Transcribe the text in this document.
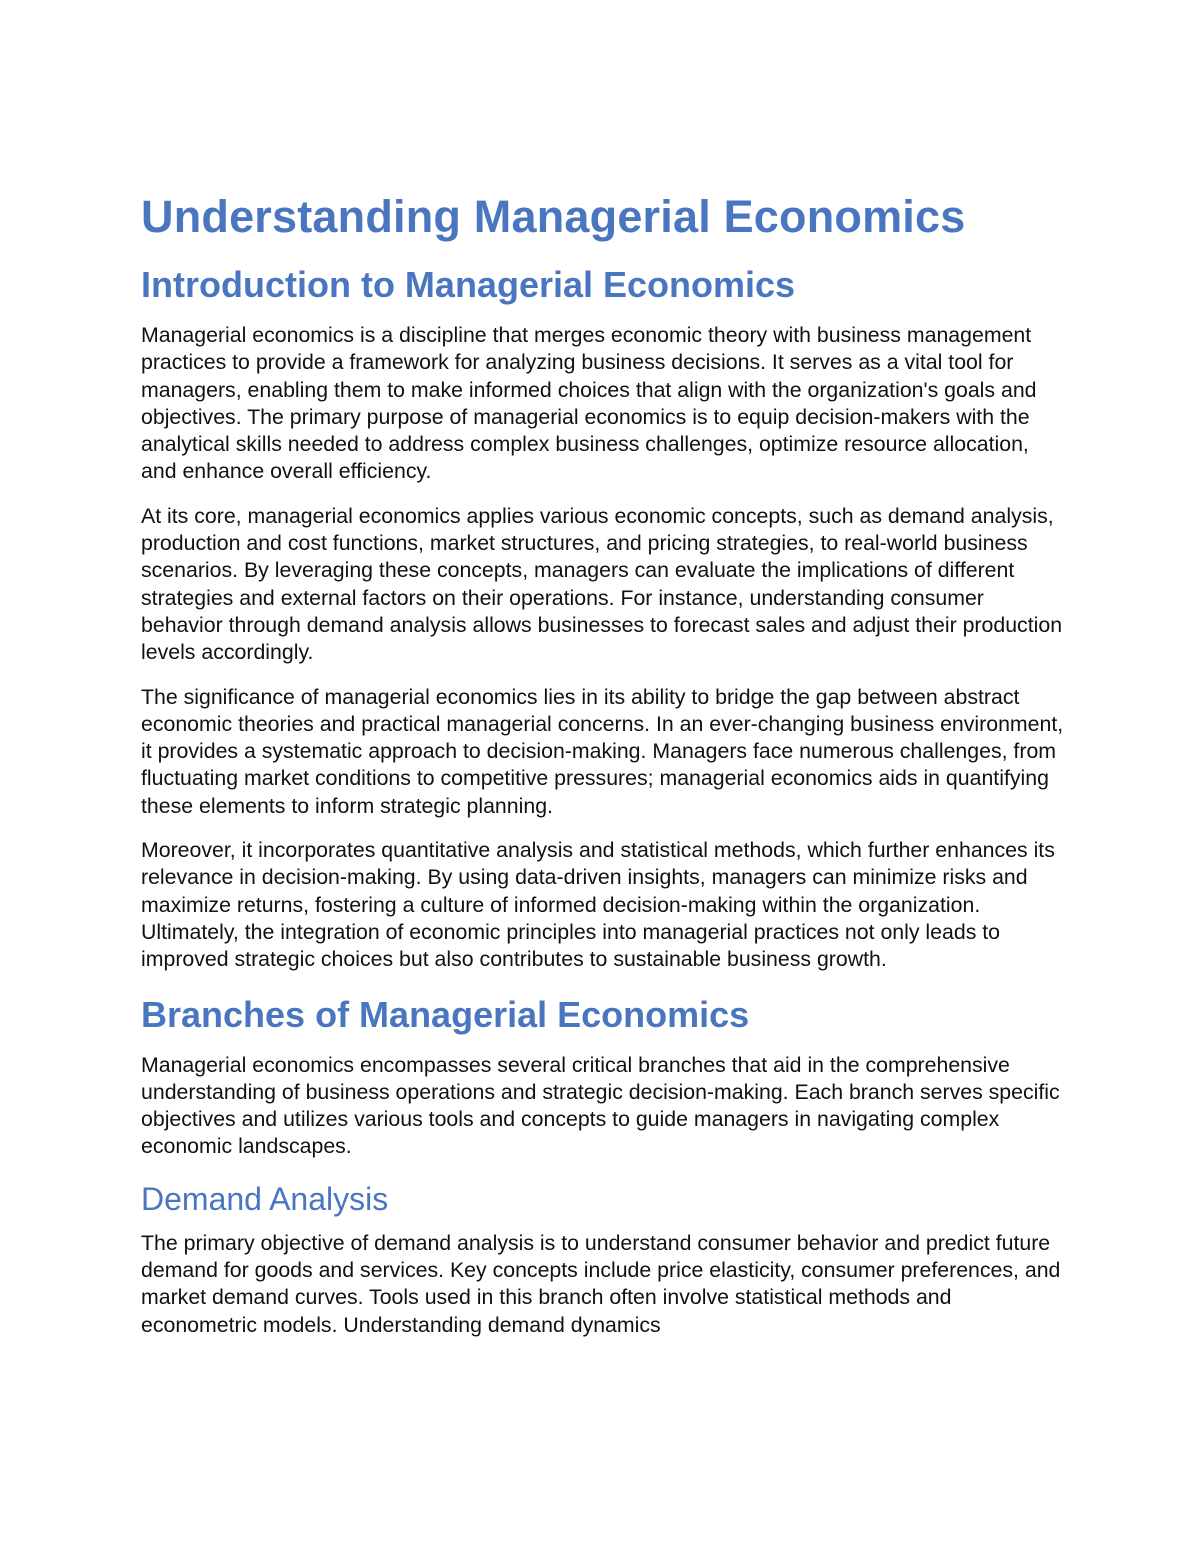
Understanding Managerial Economics
Introduction to Managerial Economics

Managerial economics is a discipline that merges economic theory with business management practices to provide a framework for analyzing business decisions. It serves as a vital tool for managers, enabling them to make informed choices that align with the organization's goals and objectives. The primary purpose of managerial economics is to equip decision-makers with the analytical skills needed to address complex business challenges, optimize resource allocation, and enhance overall efficiency.

At its core, managerial economics applies various economic concepts, such as demand analysis, production and cost functions, market structures, and pricing strategies, to real-world business scenarios. By leveraging these concepts, managers can evaluate the implications of different strategies and external factors on their operations. For instance, understanding consumer behavior through demand analysis allows businesses to forecast sales and adjust their production levels accordingly.

The significance of managerial economics lies in its ability to bridge the gap between abstract economic theories and practical managerial concerns. In an ever-changing business environment, it provides a systematic approach to decision-making. Managers face numerous challenges, from fluctuating market conditions to competitive pressures; managerial economics aids in quantifying these elements to inform strategic planning.

Moreover, it incorporates quantitative analysis and statistical methods, which further enhances its relevance in decision-making. By using data-driven insights, managers can minimize risks and maximize returns, fostering a culture of informed decision-making within the organization. Ultimately, the integration of economic principles into managerial practices not only leads to improved strategic choices but also contributes to sustainable business growth.

Branches of Managerial Economics

Managerial economics encompasses several critical branches that aid in the comprehensive understanding of business operations and strategic decision-making. Each branch serves specific objectives and utilizes various tools and concepts to guide managers in navigating complex economic landscapes.

Demand Analysis

The primary objective of demand analysis is to understand consumer behavior and predict future demand for goods and services. Key concepts include price elasticity, consumer preferences, and market demand curves. Tools used in this branch often involve statistical methods and econometric models. Understanding demand dynamics
